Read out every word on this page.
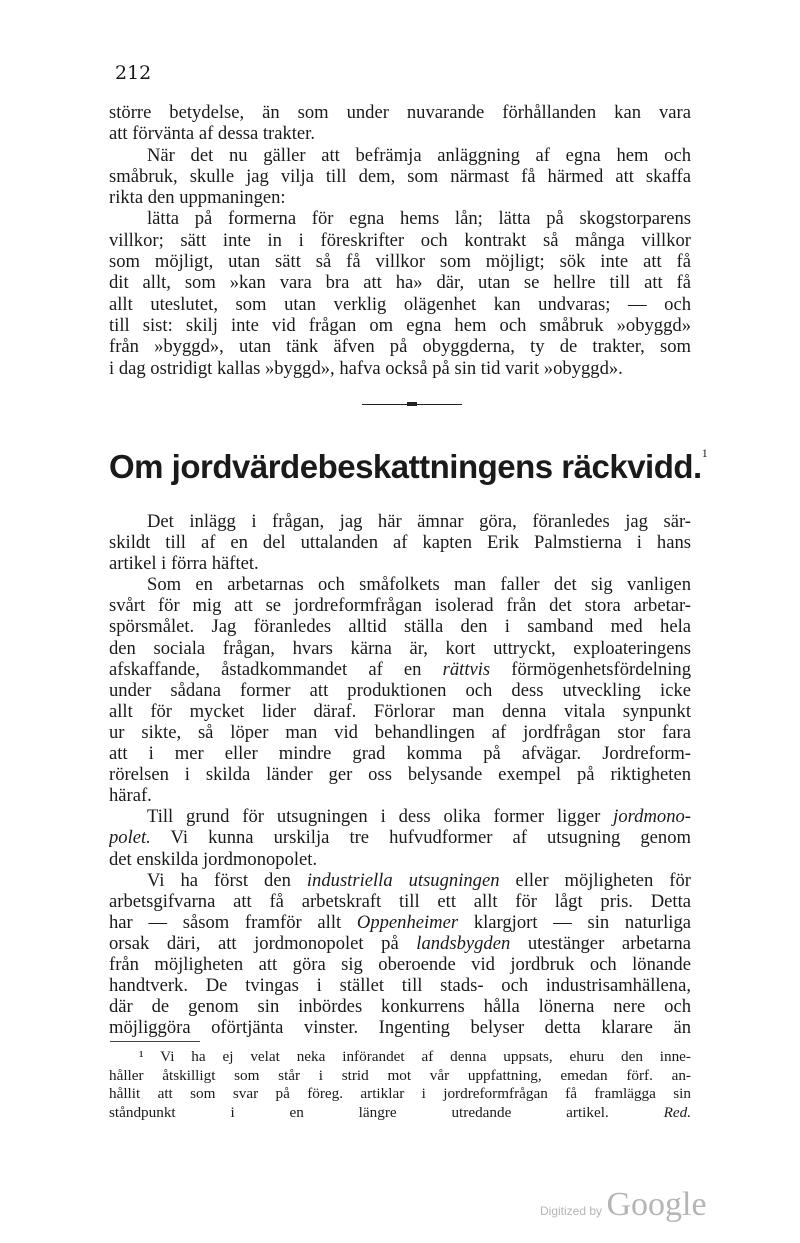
212
större betydelse, än som under nuvarande förhållanden kan vara
att förvänta af dessa trakter.
När det nu gäller att befrämja anläggning af egna hem och
småbruk, skulle jag vilja till dem, som närmast få härmed att skaffa
rikta den uppmaningen:
lätta på formerna för egna hems lån; lätta på skogstorparens
villkor; sätt inte in i föreskrifter och kontrakt så många villkor
som möjligt, utan sätt så få villkor som möjligt; sök inte att få
dit allt, som »kan vara bra att ha» där, utan se hellre till att få
allt uteslutet, som utan verklig olägenhet kan undvaras; — och
till sist: skilj inte vid frågan om egna hem och småbruk »obyggd»
från »byggd», utan tänk äfven på obyggderna, ty de trakter, som
i dag ostridigt kallas »byggd», hafva också på sin tid varit »obyggd».
Om jordvärdebeskattningens räckvidd.$^1$
Det inlägg i frågan, jag här ämnar göra, föranledes jag sär-
skildt till af en del uttalanden af kapten Erik Palmstierna i hans
artikel i förra häftet.
Som en arbetarnas och småfolkets man faller det sig vanligen
svårt för mig att se jordreformfrågan isolerad från det stora arbetar-
spörsmålet. Jag föranledes alltid ställa den i samband med hela
den sociala frågan, hvars kärna är, kort uttryckt, exploateringens
afskaffande, åstadkommandet af en rättvis förmögenhetsfördelning
under sådana former att produktionen och dess utveckling icke
allt för mycket lider däraf. Förlorar man denna vitala synpunkt
ur sikte, så löper man vid behandlingen af jordfrågan stor fara
att i mer eller mindre grad komma på afvägar. Jordreform-
rörelsen i skilda länder ger oss belysande exempel på riktigheten
häraf.
Till grund för utsugningen i dess olika former ligger jordmono-
polet. Vi kunna urskilja tre hufvudformer af utsugning genom
det enskilda jordmonopolet.
Vi ha först den industriella utsugningen eller möjligheten för
arbetsgifvarna att få arbetskraft till ett allt för lågt pris. Detta
har — såsom framför allt Oppenheimer klargjort — sin naturliga
orsak däri, att jordmonopolet på landsbygden utestänger arbetarna
från möjligheten att göra sig oberoende vid jordbruk och lönande
handtverk. De tvingas i stället till stads- och industrisamhällena,
där de genom sin inbördes konkurrens hålla lönerna nere och
möjliggöra oförtjänta vinster. Ingenting belyser detta klarare än
¹ Vi ha ej velat neka införandet af denna uppsats, ehuru den inne-
håller åtskilligt som står i strid mot vår uppfattning, emedan förf. an-
hållit att som svar på föreg. artiklar i jordreformfrågan få framlägga sin
ståndpunkt i en längre utredande artikel. Red.
Digitized by Google
